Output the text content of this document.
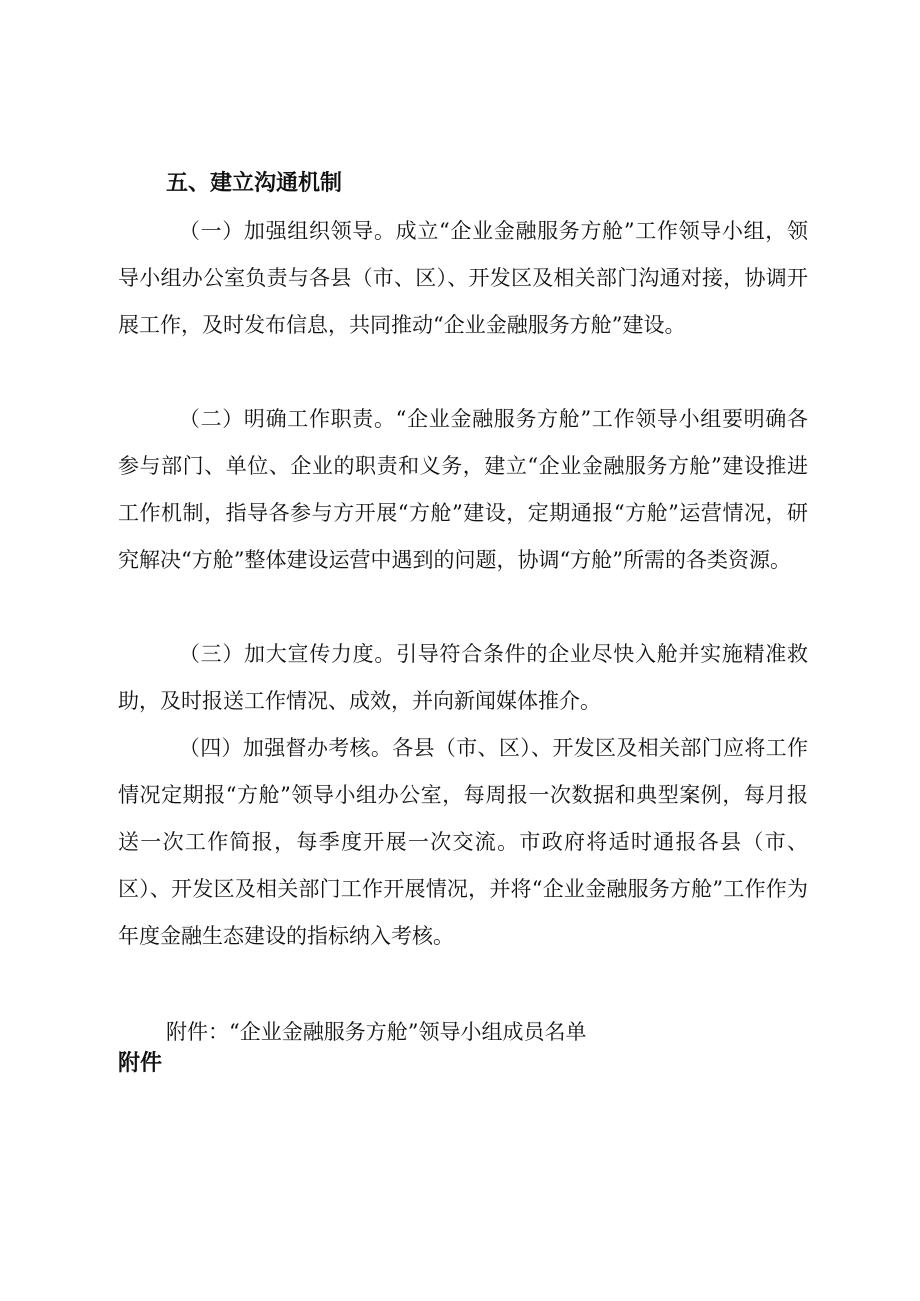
五、建立沟通机制

（一）加强组织领导。成立“企业金融服务方舱”工作领导小组，领导小组办公室负责与各县（市、区）、开发区及相关部门沟通对接，协调开展工作，及时发布信息，共同推动“企业金融服务方舱”建设。

（二）明确工作职责。“企业金融服务方舱”工作领导小组要明确各参与部门、单位、企业的职责和义务，建立“企业金融服务方舱”建设推进工作机制，指导各参与方开展“方舱”建设，定期通报“方舱”运营情况，研究解决“方舱”整体建设运营中遇到的问题，协调“方舱”所需的各类资源。

（三）加大宣传力度。引导符合条件的企业尽快入舱并实施精准救助，及时报送工作情况、成效，并向新闻媒体推介。

（四）加强督办考核。各县（市、区）、开发区及相关部门应将工作情况定期报“方舱”领导小组办公室，每周报一次数据和典型案例，每月报送一次工作简报，每季度开展一次交流。市政府将适时通报各县（市、区）、开发区及相关部门工作开展情况，并将“企业金融服务方舱”工作作为年度金融生态建设的指标纳入考核。

附件：“企业金融服务方舱”领导小组成员名单
附件
